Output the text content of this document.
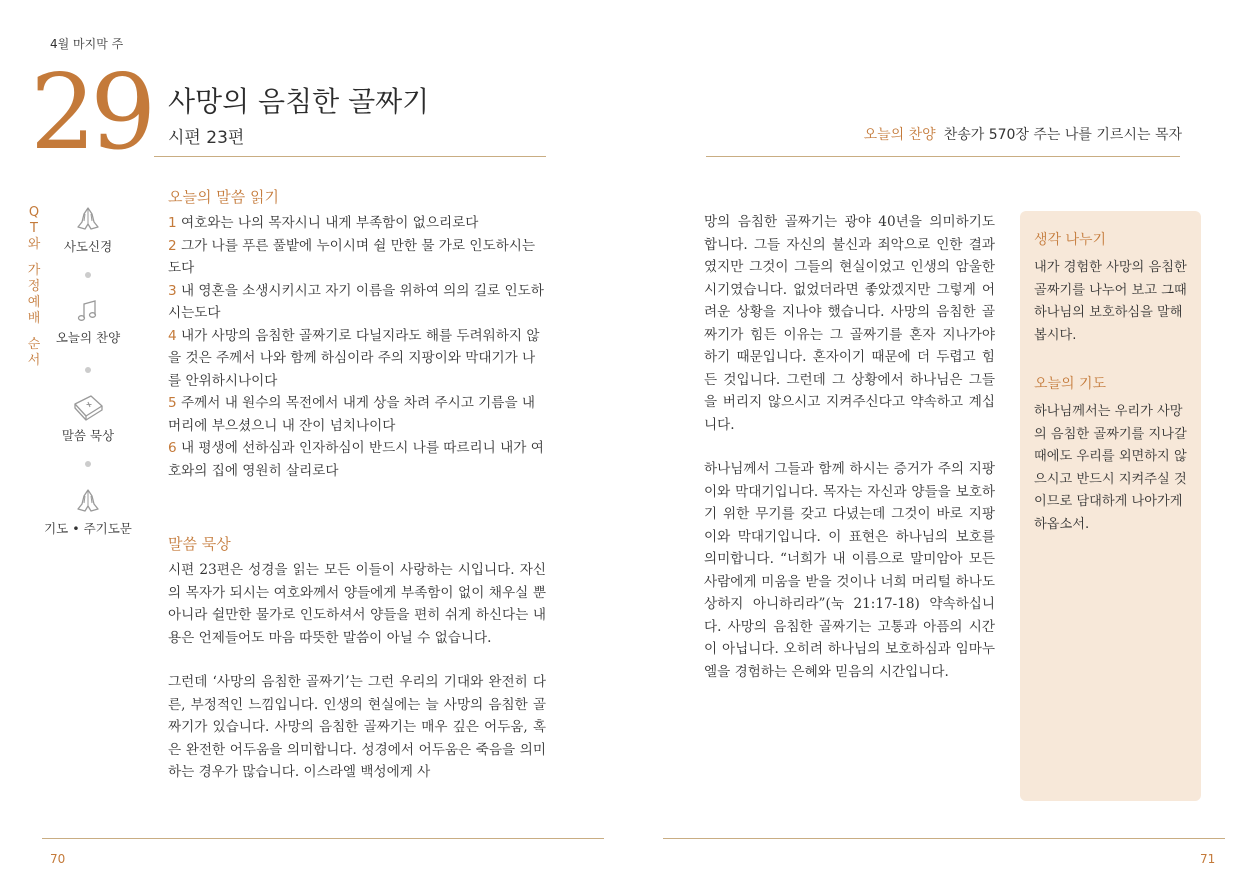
4월 마지막 주
29 사망의 음침한 골짜기
시편 23편	오늘의 찬양 찬송가 570장 주는 나를 기르시는 목자
Q
T
와
가
정
예
배
순
서
사도신경
오늘의 찬양
말씀 묵상
기도 • 주기도문
오늘의 말씀 읽기

1 여호와는 나의 목자시니 내게 부족함이 없으리로다

2 그가 나를 푸른 풀밭에 누이시며 쉴 만한 물 가로 인도하시는도다

3 내 영혼을 소생시키시고 자기 이름을 위하여 의의 길로 인도하시는도다

4 내가 사망의 음침한 골짜기로 다닐지라도 해를 두려워하지 않을 것은 주께서 나와 함께 하심이라 주의 지팡이와 막대기가 나를 안위하시나이다

5 주께서 내 원수의 목전에서 내게 상을 차려 주시고 기름을 내 머리에 부으셨으니 내 잔이 넘치나이다

6 내 평생에 선하심과 인자하심이 반드시 나를 따르리니 내가 여호와의 집에 영원히 살리로다

말씀 묵상

시편 23편은 성경을 읽는 모든 이들이 사랑하는 시입니다. 자신의 목자가 되시는 여호와께서 양들에게 부족함이 없이 채우실 뿐 아니라 쉴만한 물가로 인도하셔서 양들을 편히 쉬게 하신다는 내용은 언제들어도 마음 따뜻한 말씀이 아닐 수 없습니다.

그런데 ‘사망의 음침한 골짜기’는 그런 우리의 기대와 완전히 다른, 부정적인 느낌입니다. 인생의 현실에는 늘 사망의 음침한 골짜기가 있습니다. 사망의 음침한 골짜기는 매우 깊은 어두움, 혹은 완전한 어두움을 의미합니다. 성경에서 어두움은 죽음을 의미하는 경우가 많습니다. 이스라엘 백성에게 사

망의 음침한 골짜기는 광야 40년을 의미하기도 합니다. 그들 자신의 불신과 죄악으로 인한 결과였지만 그것이 그들의 현실이었고 인생의 암울한 시기였습니다. 없었더라면 좋았겠지만 그렇게 어려운 상황을 지나야 했습니다. 사망의 음침한 골짜기가 힘든 이유는 그 골짜기를 혼자 지나가야 하기 때문입니다. 혼자이기 때문에 더 두렵고 힘든 것입니다. 그런데 그 상황에서 하나님은 그들을 버리지 않으시고 지켜주신다고 약속하고 계십니다.

하나님께서 그들과 함께 하시는 증거가 주의 지팡이와 막대기입니다. 목자는 자신과 양들을 보호하기 위한 무기를 갖고 다녔는데 그것이 바로 지팡이와 막대기입니다. 이 표현은 하나님의 보호를 의미합니다. “너희가 내 이름으로 말미암아 모든 사람에게 미움을 받을 것이나 너희 머리털 하나도 상하지 아니하리라”(눅 21:17-18) 약속하십니다. 사망의 음침한 골짜기는 고통과 아픔의 시간이 아닙니다. 오히려 하나님의 보호하심과 임마누엘을 경험하는 은혜와 믿음의 시간입니다.

생각 나누기

내가 경험한 사망의 음침한 골짜기를 나누어 보고 그때 하나님의 보호하심을 말해 봅시다.

오늘의 기도

하나님께서는 우리가 사망의 음침한 골짜기를 지나갈 때에도 우리를 외면하지 않으시고 반드시 지켜주실 것이므로 담대하게 나아가게 하옵소서.

70	71
